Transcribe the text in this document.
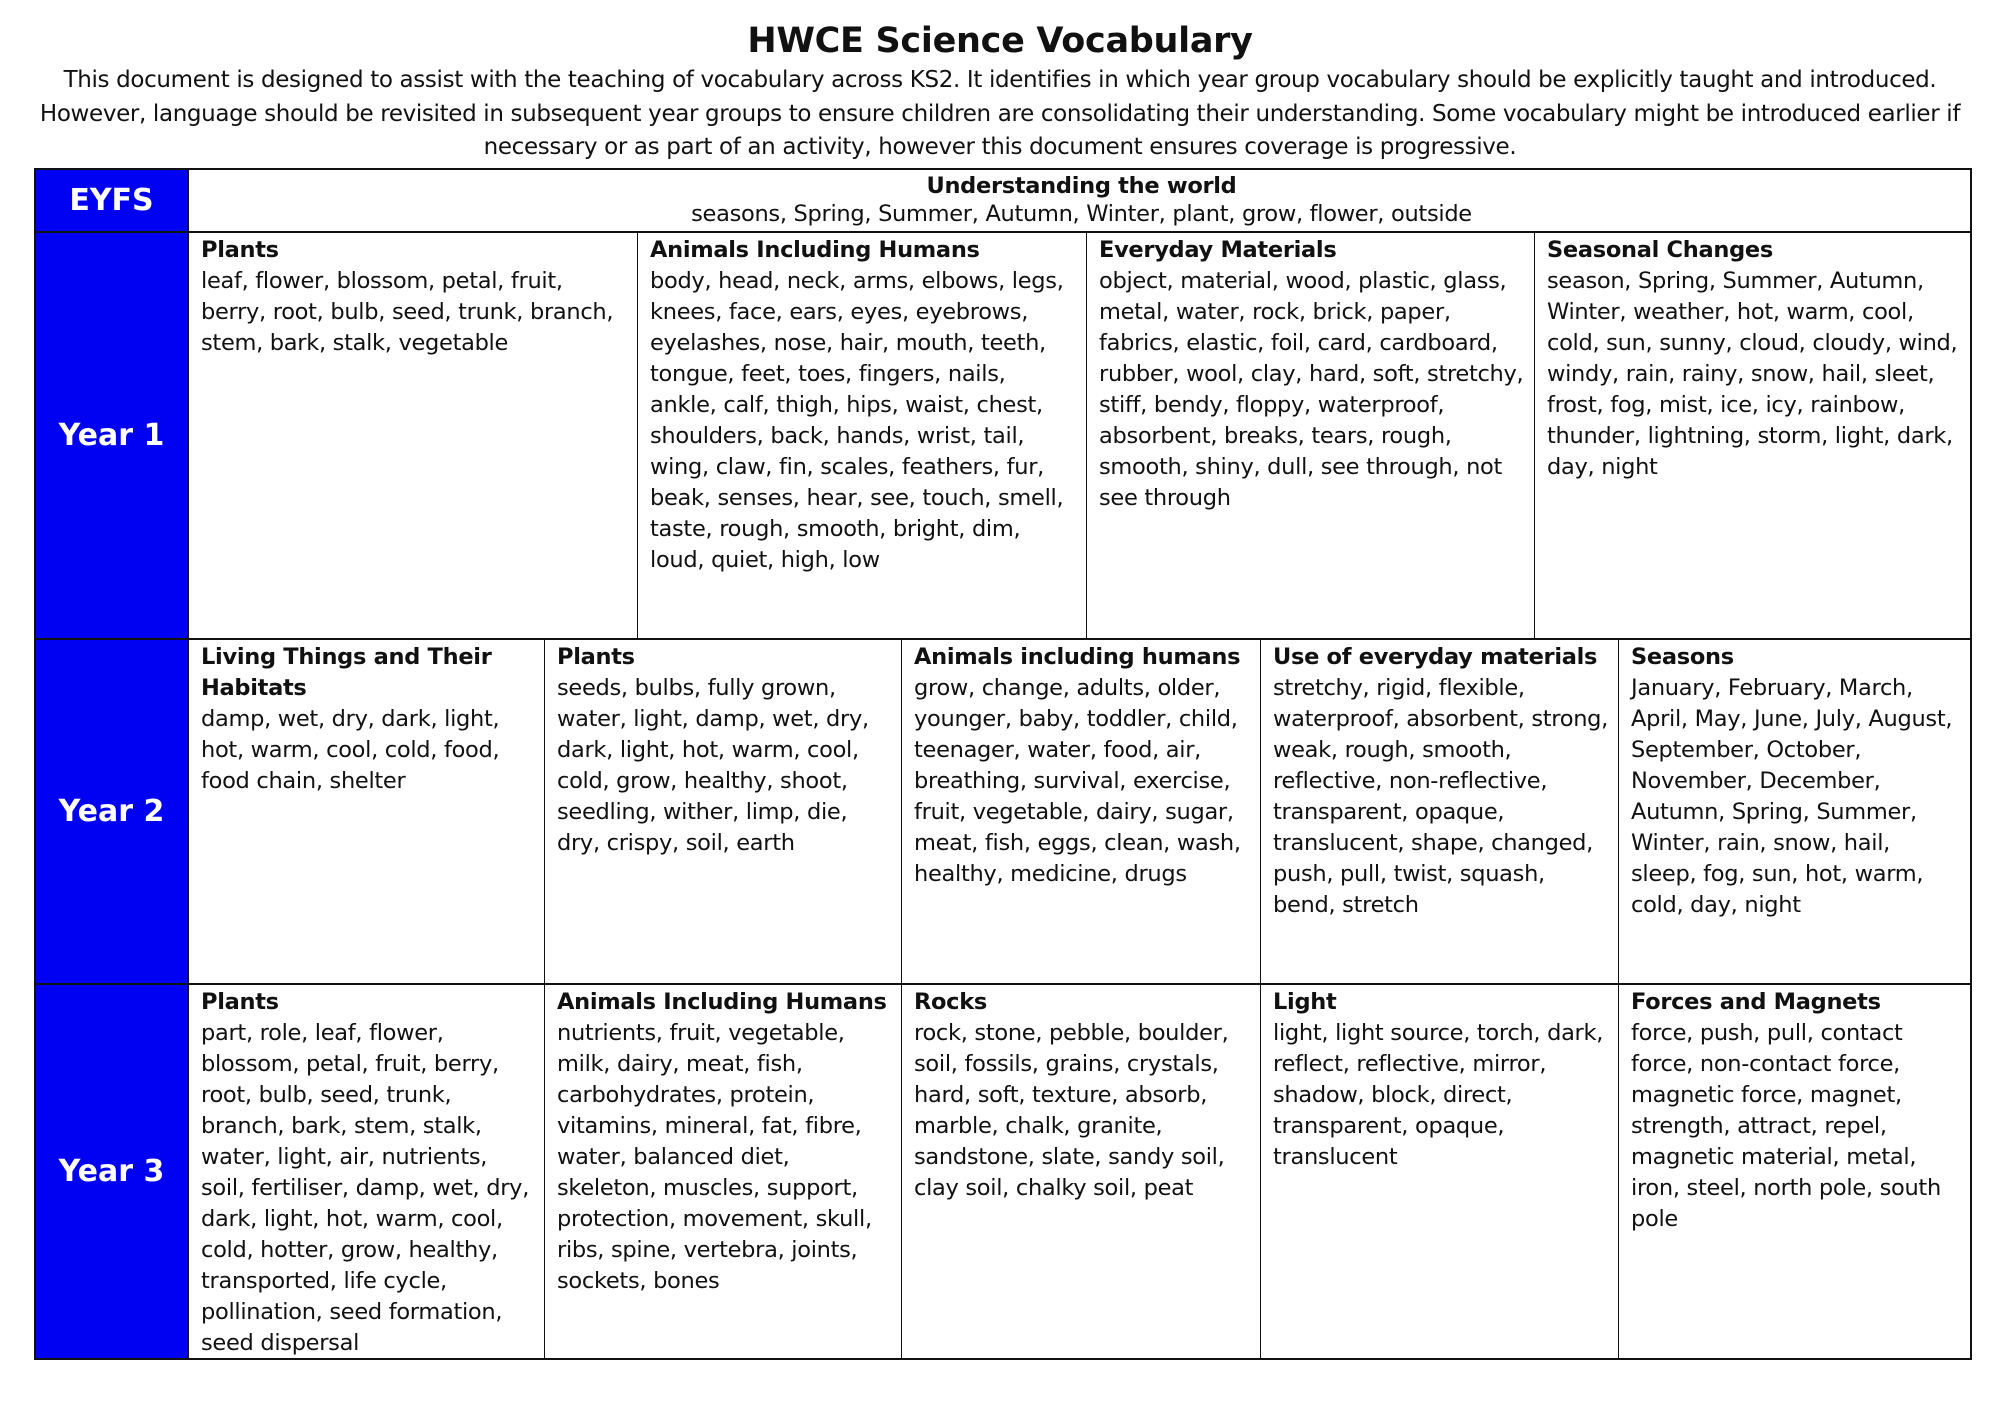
HWCE Science Vocabulary
This document is designed to assist with the teaching of vocabulary across KS2. It identifies in which year group vocabulary should be explicitly taught and introduced. However, language should be revisited in subsequent year groups to ensure children are consolidating their understanding. Some vocabulary might be introduced earlier if necessary or as part of an activity, however this document ensures coverage is progressive.
EYFS	Understanding the world
seasons, Spring, Summer, Autumn, Winter, plant, grow, flower, outside
Year 1
Plants
leaf, flower, blossom, petal, fruit, berry, root, bulb, seed, trunk, branch, stem, bark, stalk, vegetable
Animals Including Humans
body, head, neck, arms, elbows, legs, knees, face, ears, eyes, eyebrows, eyelashes, nose, hair, mouth, teeth, tongue, feet, toes, fingers, nails, ankle, calf, thigh, hips, waist, chest, shoulders, back, hands, wrist, tail, wing, claw, fin, scales, feathers, fur, beak, senses, hear, see, touch, smell, taste, rough, smooth, bright, dim, loud, quiet, high, low
Everyday Materials
object, material, wood, plastic, glass, metal, water, rock, brick, paper, fabrics, elastic, foil, card, cardboard, rubber, wool, clay, hard, soft, stretchy, stiff, bendy, floppy, waterproof, absorbent, breaks, tears, rough, smooth, shiny, dull, see through, not see through
Seasonal Changes
season, Spring, Summer, Autumn, Winter, weather, hot, warm, cool, cold, sun, sunny, cloud, cloudy, wind, windy, rain, rainy, snow, hail, sleet, frost, fog, mist, ice, icy, rainbow, thunder, lightning, storm, light, dark, day, night
Year 2
Living Things and Their Habitats
damp, wet, dry, dark, light, hot, warm, cool, cold, food, food chain, shelter
Plants
seeds, bulbs, fully grown, water, light, damp, wet, dry, dark, light, hot, warm, cool, cold, grow, healthy, shoot, seedling, wither, limp, die, dry, crispy, soil, earth
Animals including humans
grow, change, adults, older, younger, baby, toddler, child, teenager, water, food, air, breathing, survival, exercise, fruit, vegetable, dairy, sugar, meat, fish, eggs, clean, wash, healthy, medicine, drugs
Use of everyday materials
stretchy, rigid, flexible, waterproof, absorbent, strong, weak, rough, smooth, reflective, non-reflective, transparent, opaque, translucent, shape, changed, push, pull, twist, squash, bend, stretch
Seasons
January, February, March, April, May, June, July, August, September, October, November, December, Autumn, Spring, Summer, Winter, rain, snow, hail, sleep, fog, sun, hot, warm, cold, day, night
Year 3
Plants
part, role, leaf, flower, blossom, petal, fruit, berry, root, bulb, seed, trunk, branch, bark, stem, stalk, water, light, air, nutrients, soil, fertiliser, damp, wet, dry, dark, light, hot, warm, cool, cold, hotter, grow, healthy, transported, life cycle, pollination, seed formation, seed dispersal
Animals Including Humans
nutrients, fruit, vegetable, milk, dairy, meat, fish, carbohydrates, protein, vitamins, mineral, fat, fibre, water, balanced diet, skeleton, muscles, support, protection, movement, skull, ribs, spine, vertebra, joints, sockets, bones
Rocks
rock, stone, pebble, boulder, soil, fossils, grains, crystals, hard, soft, texture, absorb, marble, chalk, granite, sandstone, slate, sandy soil, clay soil, chalky soil, peat
Light
light, light source, torch, dark, reflect, reflective, mirror, shadow, block, direct, transparent, opaque, translucent
Forces and Magnets
force, push, pull, contact force, non-contact force, magnetic force, magnet, strength, attract, repel, magnetic material, metal, iron, steel, north pole, south pole
